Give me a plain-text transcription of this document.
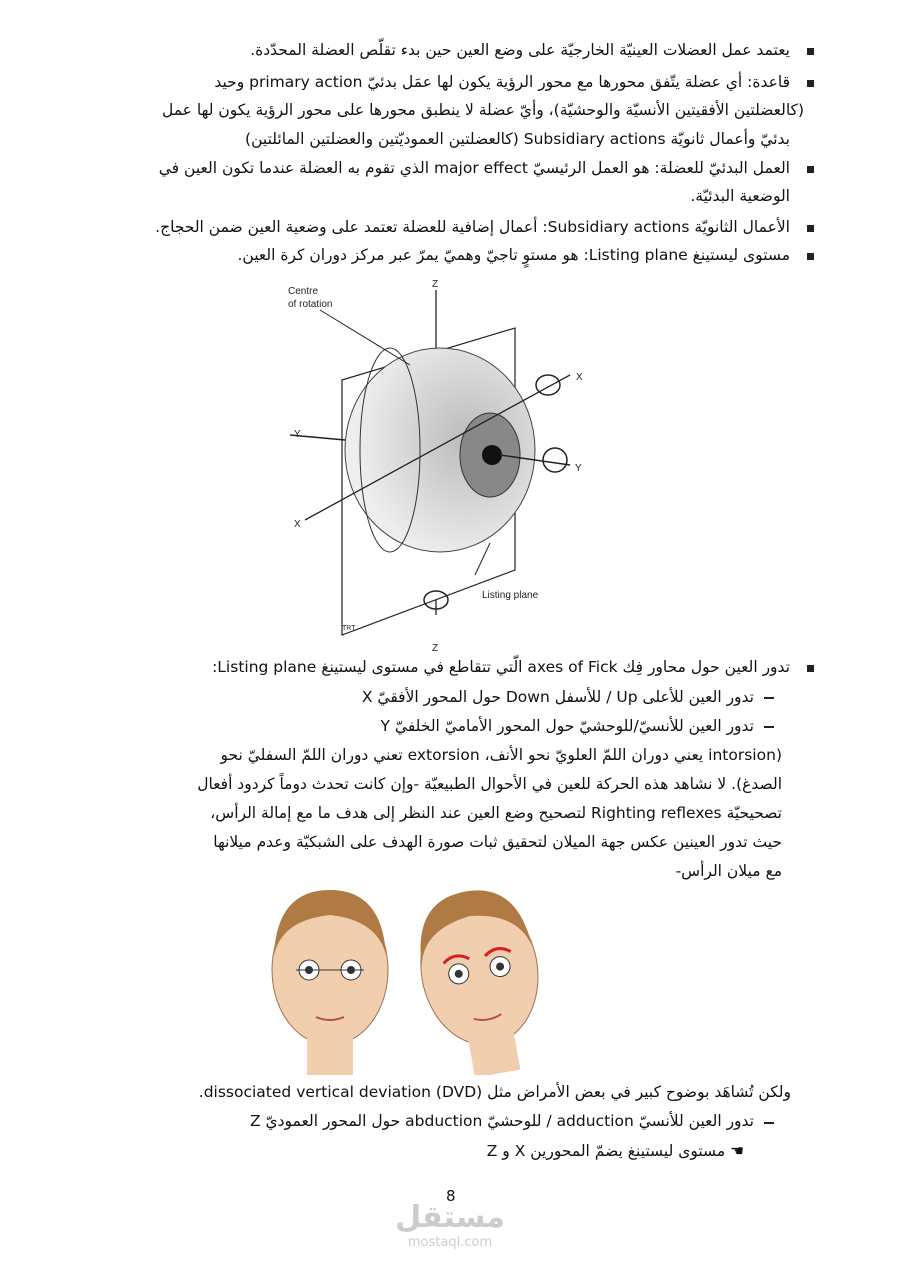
يعتمد عمل العضلات العينيّة الخارجيّة على وضع العين حين بدء تقلّص العضلة المحدّدة.
قاعدة: أي عضلة يتّفق محورها مع محور الرؤية يكون لها عمَل بدئيّ primary action وحيد
(كالعضلتين الأفقيتين الأنسيّة والوحشيّة)، وأيّ عضلة لا ينطبق محورها على محور الرؤية يكون لها عمل
بدئيّ وأعمال ثانويّة Subsidiary actions (كالعضلتين العموديّتين والعضلتين المائلتين)
العمل البدئيّ للعضلة: هو العمل الرئيسيّ major effect الذي تقوم به العضلة عندما تكون العين في
الوضعية البدئيّة.
الأعمال الثانويّة Subsidiary actions: أعمال إضافية للعضلة تعتمد على وضعية العين ضمن الحجاج.
مستوى ليستينغ Listing plane: هو مستوٍ تاجيّ وهميّ يمرّ عبر مركز دوران كرة العين.
Centre
of rotation
Z
Z
X
X
Y
Y
Listing plane
TRT
تدور العين حول محاور فِك axes of Fick الّتي تتقاطع في مستوى ليستينغ Listing plane:
تدور العين للأعلى Up / للأسفل Down حول المحور الأفقيّ X
تدور العين للأنسيّ/للوحشيّ حول المحور الأماميّ الخلفيّ Y
(intorsion يعني دوران اللمّ العلويّ نحو الأنف، extorsion تعني دوران اللمّ السفليّ نحو
الصدغ). لا نشاهد هذه الحركة للعين في الأحوال الطبيعيّة -وإن كانت تحدث دوماً كردود أفعال
تصحيحيّة Righting reflexes لتصحيح وضع العين عند النظر إلى هدف ما مع إمالة الرأس،
حيث تدور العينين عكس جهة الميلان لتحقيق ثبات صورة الهدف على الشبكيّة وعدم ميلانها
مع ميلان الرأس-
ولكن تُشاهَد بوضوح كبير في بعض الأمراض مثل (DVD) dissociated vertical deviation.
تدور العين للأنسيّ adduction / للوحشيّ abduction حول المحور العموديّ Z
☚ مستوى ليستينغ يضمّ المحورين X و Z
8
مستقل
mostaql.com
